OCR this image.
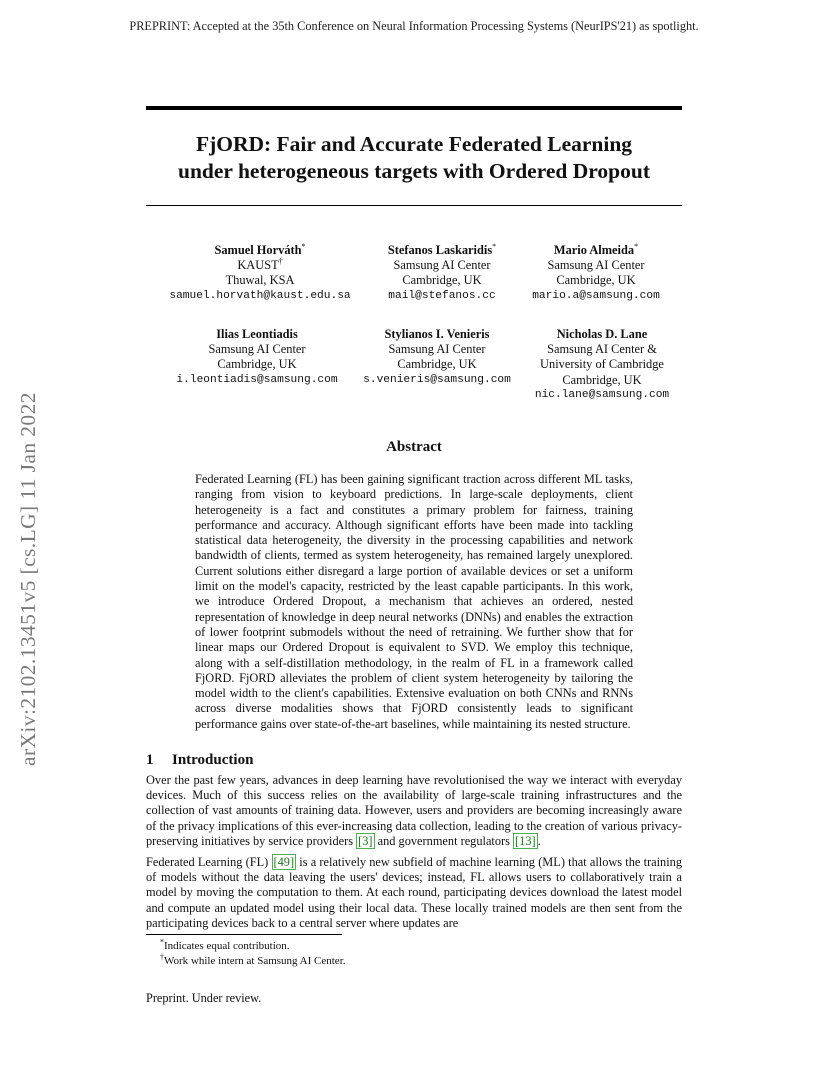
PREPRINT: Accepted at the 35th Conference on Neural Information Processing Systems (NeurIPS'21) as spotlight.
FjORD: Fair and Accurate Federated Learning
under heterogeneous targets with Ordered Dropout
arXiv:2102.13451v5 [cs.LG] 11 Jan 2022
Samuel Horváth*
KAUST†
Thuwal, KSA
samuel.horvath@kaust.edu.sa
Stefanos Laskaridis*
Samsung AI Center
Cambridge, UK
mail@stefanos.cc
Mario Almeida*
Samsung AI Center
Cambridge, UK
mario.a@samsung.com
Ilias Leontiadis
Samsung AI Center
Cambridge, UK
i.leontiadis@samsung.com
Stylianos I. Venieris
Samsung AI Center
Cambridge, UK
s.venieris@samsung.com
Nicholas D. Lane
Samsung AI Center &
University of Cambridge
Cambridge, UK
nic.lane@samsung.com
Abstract
Federated Learning (FL) has been gaining significant traction across different ML tasks, ranging from vision to keyboard predictions. In large-scale deployments, client heterogeneity is a fact and constitutes a primary problem for fairness, training performance and accuracy. Although significant efforts have been made into tackling statistical data heterogeneity, the diversity in the processing capabilities and network bandwidth of clients, termed as system heterogeneity, has remained largely unexplored. Current solutions either disregard a large portion of available devices or set a uniform limit on the model's capacity, restricted by the least capable participants. In this work, we introduce Ordered Dropout, a mechanism that achieves an ordered, nested representation of knowledge in deep neural networks (DNNs) and enables the extraction of lower footprint submodels without the need of retraining. We further show that for linear maps our Ordered Dropout is equivalent to SVD. We employ this technique, along with a self-distillation methodology, in the realm of FL in a framework called FjORD. FjORD alleviates the problem of client system heterogeneity by tailoring the model width to the client's capabilities. Extensive evaluation on both CNNs and RNNs across diverse modalities shows that FjORD consistently leads to significant performance gains over state-of-the-art baselines, while maintaining its nested structure.
1 Introduction
Over the past few years, advances in deep learning have revolutionised the way we interact with everyday devices. Much of this success relies on the availability of large-scale training infrastructures and the collection of vast amounts of training data. However, users and providers are becoming increasingly aware of the privacy implications of this ever-increasing data collection, leading to the creation of various privacy-preserving initiatives by service providers [3] and government regulators [13] .
Federated Learning (FL) [49] is a relatively new subfield of machine learning (ML) that allows the training of models without the data leaving the users' devices; instead, FL allows users to collaboratively train a model by moving the computation to them. At each round, participating devices download the latest model and compute an updated model using their local data. These locally trained models are then sent from the participating devices back to a central server where updates are
*Indicates equal contribution.
†Work while intern at Samsung AI Center.
Preprint. Under review.
